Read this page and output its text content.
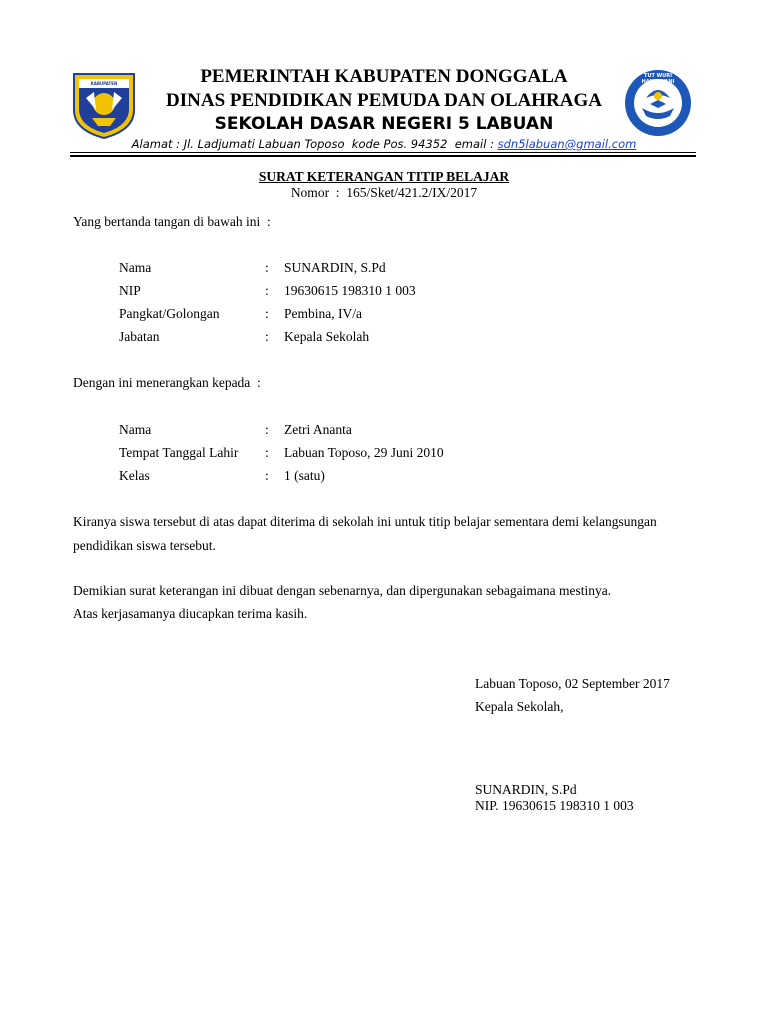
KABUPATEN DONGGALA
TUT WURI HANDAYANI
PEMERINTAH KABUPATEN DONGGALA
DINAS PENDIDIKAN PEMUDA DAN OLAHRAGA
SEKOLAH DASAR NEGERI 5 LABUAN
Alamat : Jl. Ladjumati Labuan Toposo  kode Pos. 94352  email : sdn5labuan@gmail.com
SURAT KETERANGAN TITIP BELAJAR
Nomor  :  165/Sket/421.2/IX/2017
Yang bertanda tangan di bawah ini  :
Nama	: SUNARDIN, S.Pd
NIP	: 19630615 198310 1 003
Pangkat/Golongan	: Pembina, IV/a
Jabatan	: Kepala Sekolah
Dengan ini menerangkan kepada  :
Nama	: Zetri Ananta
Tempat Tanggal Lahir : Labuan Toposo, 29 Juni 2010
Kelas	: 1 (satu)
Kiranya siswa tersebut di atas dapat diterima di sekolah ini untuk titip belajar sementara demi kelangsungan
pendidikan siswa tersebut.
Demikian surat keterangan ini dibuat dengan sebenarnya, dan dipergunakan sebagaimana mestinya.
Atas kerjasamanya diucapkan terima kasih.
Labuan Toposo, 02 September 2017
Kepala Sekolah,
SUNARDIN, S.Pd
NIP. 19630615 198310 1 003
